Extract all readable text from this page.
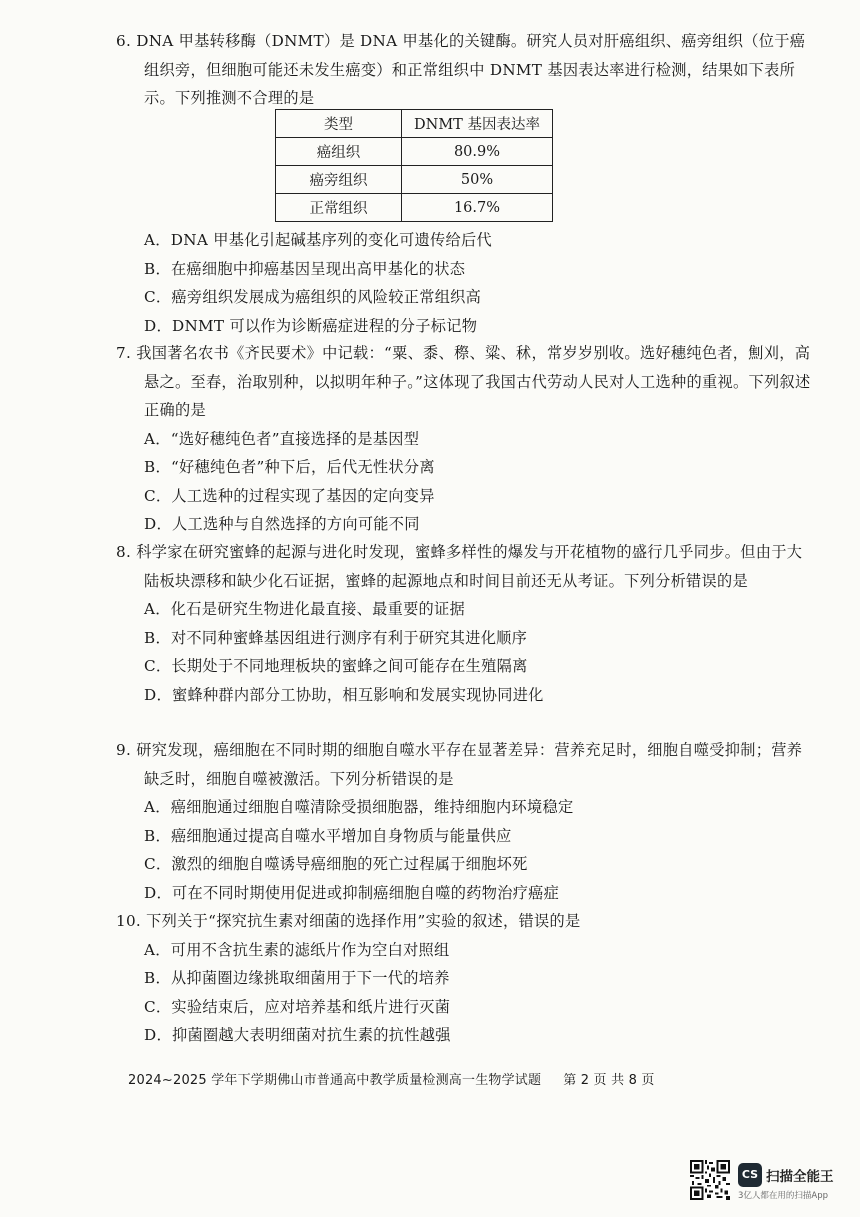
6. DNA 甲基转移酶（DNMT）是 DNA 甲基化的关键酶。研究人员对肝癌组织、癌旁组织（位于癌组织旁，但细胞可能还未发生癌变）和正常组织中 DNMT 基因表达率进行检测，结果如下表所示。下列推测不合理的是

类型	DNMT 基因表达率
癌组织	80.9%
癌旁组织	50%
正常组织	16.7%

A．DNA 甲基化引起碱基序列的变化可遗传给后代

B．在癌细胞中抑癌基因呈现出高甲基化的状态

C．癌旁组织发展成为癌组织的风险较正常组织高

D．DNMT 可以作为诊断癌症进程的分子标记物

7. 我国著名农书《齐民要术》中记载：“粟、黍、穄、粱、秫，常岁岁别收。选好穗纯色者，劁刈，高悬之。至春，治取别种，以拟明年种子。”这体现了我国古代劳动人民对人工选种的重视。下列叙述正确的是

A．“选好穗纯色者”直接选择的是基因型

B．“好穗纯色者”种下后，后代无性状分离

C．人工选种的过程实现了基因的定向变异

D．人工选种与自然选择的方向可能不同

8. 科学家在研究蜜蜂的起源与进化时发现，蜜蜂多样性的爆发与开花植物的盛行几乎同步。但由于大陆板块漂移和缺少化石证据，蜜蜂的起源地点和时间目前还无从考证。下列分析错误的是

A．化石是研究生物进化最直接、最重要的证据

B．对不同种蜜蜂基因组进行测序有利于研究其进化顺序

C．长期处于不同地理板块的蜜蜂之间可能存在生殖隔离

D．蜜蜂种群内部分工协助，相互影响和发展实现协同进化

9. 研究发现，癌细胞在不同时期的细胞自噬水平存在显著差异：营养充足时，细胞自噬受抑制；营养缺乏时，细胞自噬被激活。下列分析错误的是

A．癌细胞通过细胞自噬清除受损细胞器，维持细胞内环境稳定

B．癌细胞通过提高自噬水平增加自身物质与能量供应

C．激烈的细胞自噬诱导癌细胞的死亡过程属于细胞坏死

D．可在不同时期使用促进或抑制癌细胞自噬的药物治疗癌症

10. 下列关于“探究抗生素对细菌的选择作用”实验的叙述，错误的是

A．可用不含抗生素的滤纸片作为空白对照组

B．从抑菌圈边缘挑取细菌用于下一代的培养

C．实验结束后，应对培养基和纸片进行灭菌

D．抑菌圈越大表明细菌对抗生素的抗性越强

2024~2025 学年下学期佛山市普通高中教学质量检测高一生物学试题 第 2 页 共 8 页
CS 扫描全能王
3亿人都在用的扫描App
